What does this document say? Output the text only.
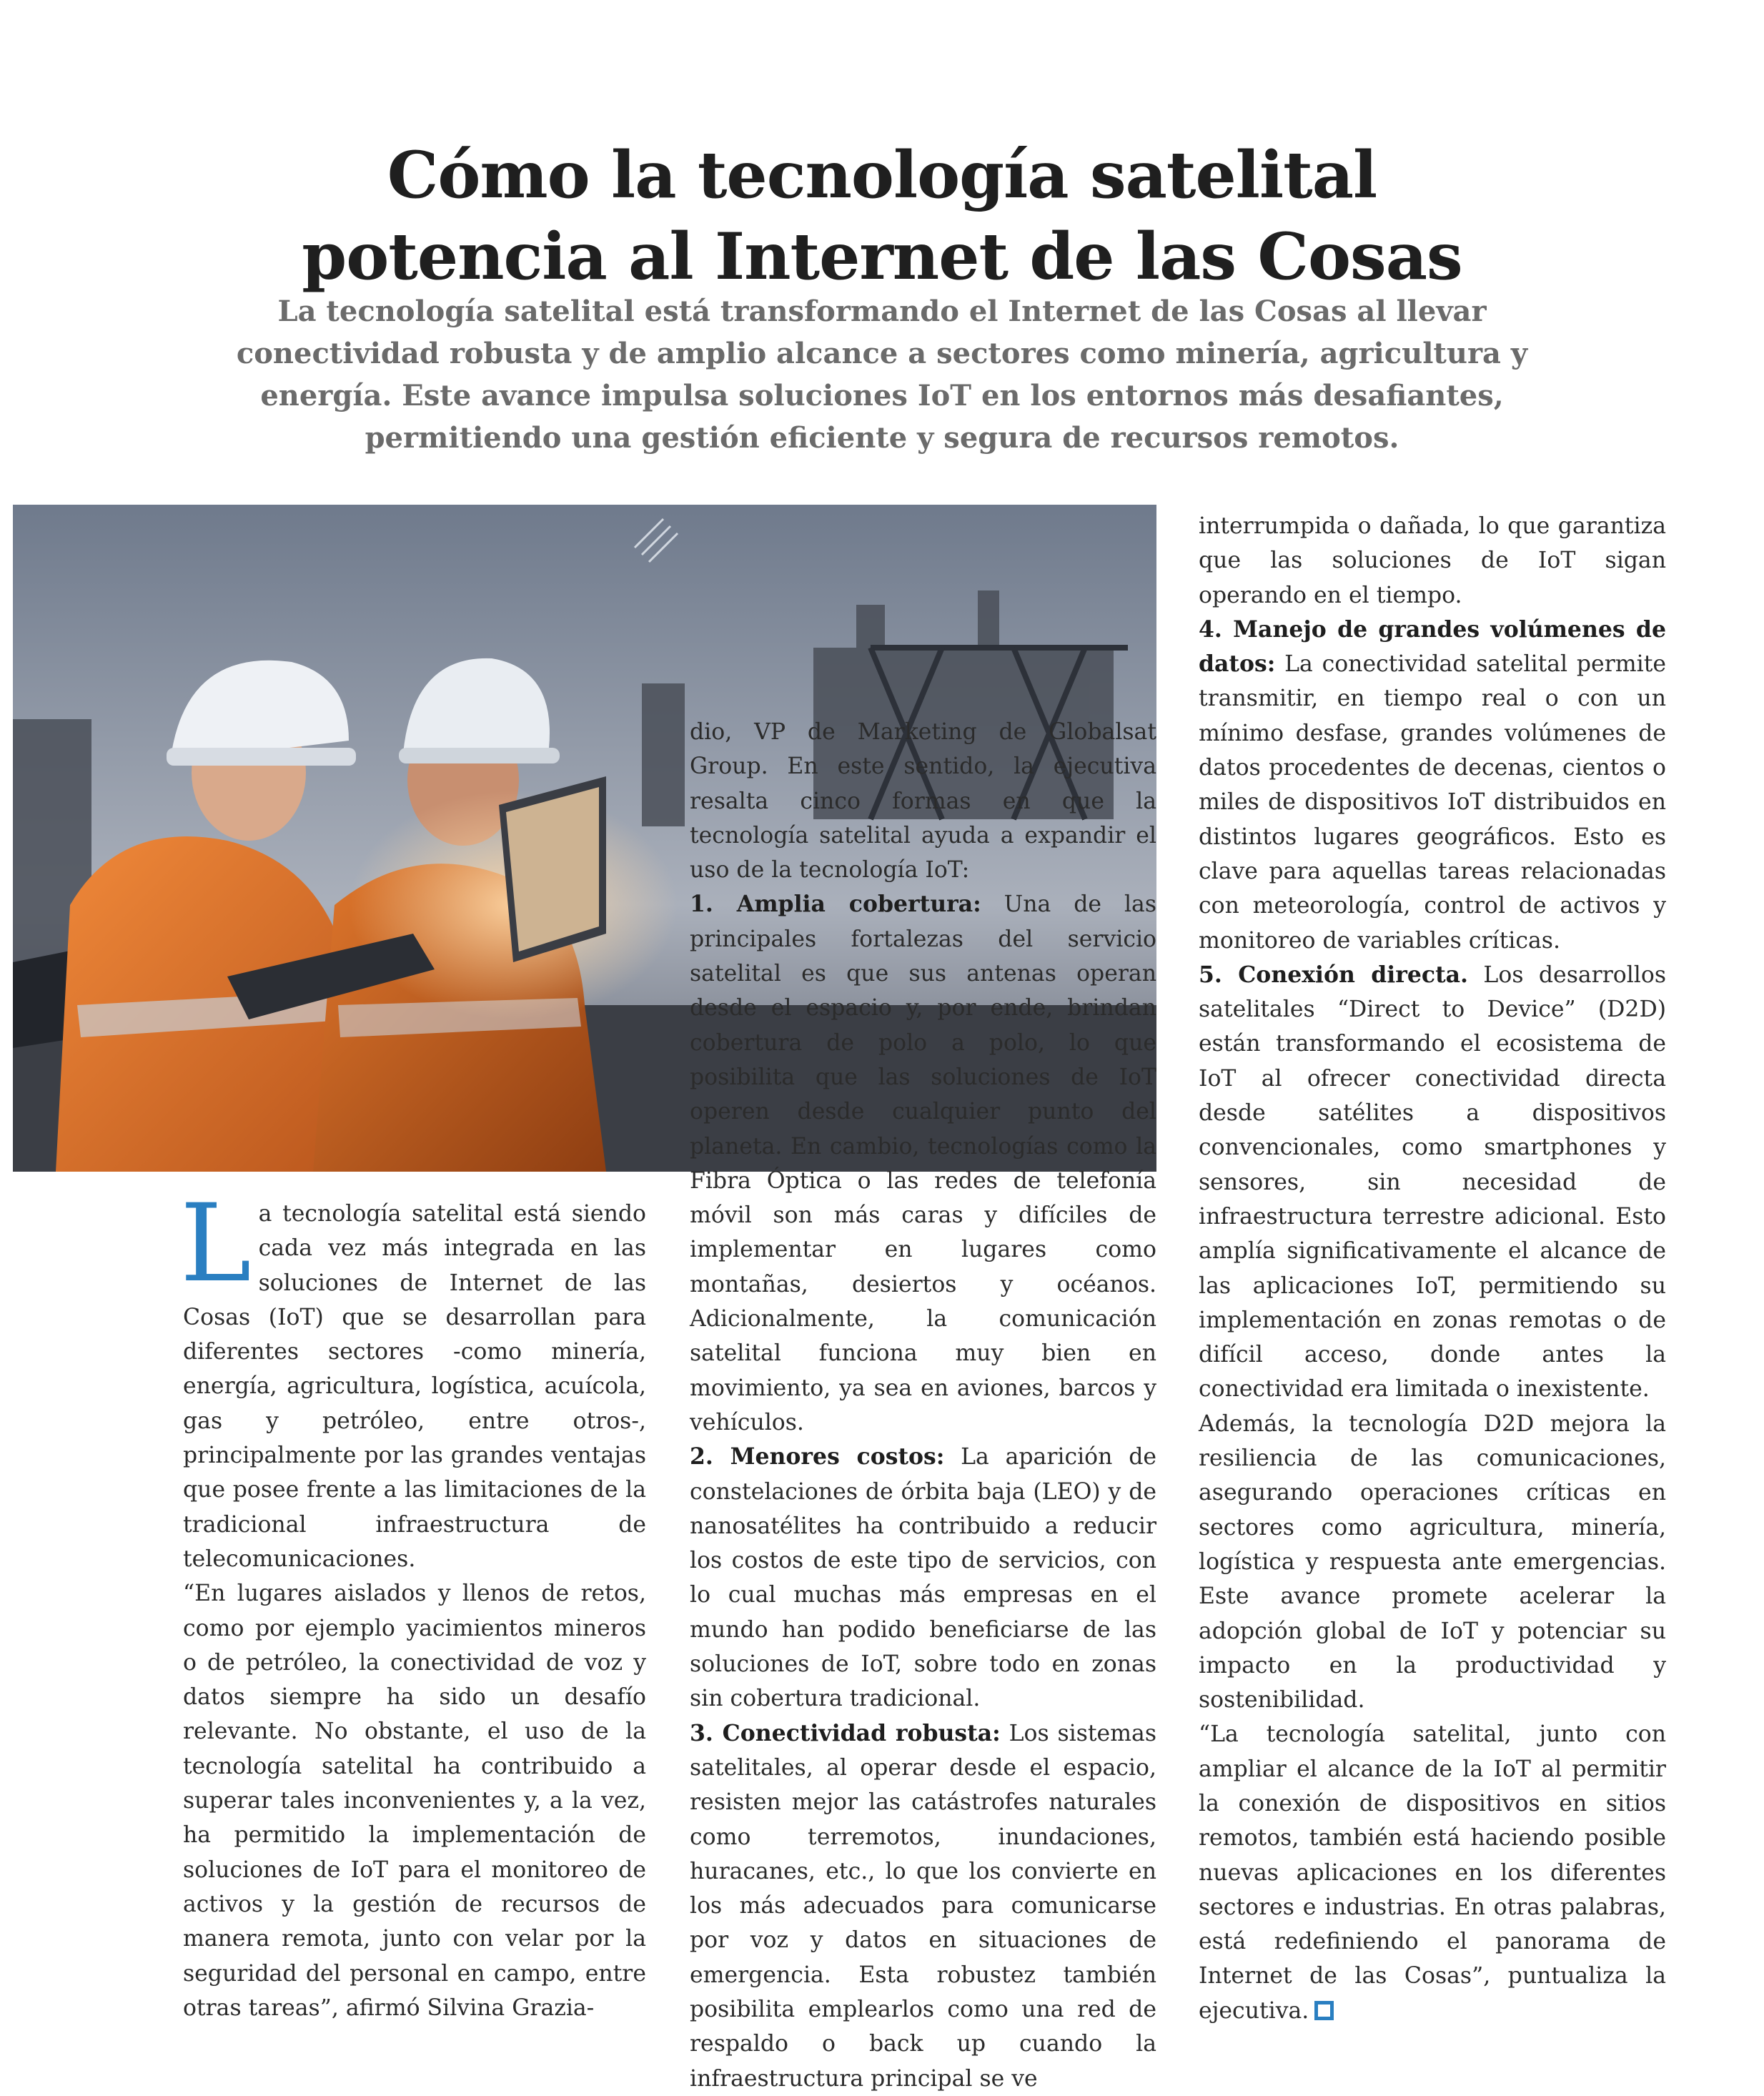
Cómo la tecnología satelital
potencia al Internet de las Cosas
La tecnología satelital está transformando el Internet de las Cosas al llevar conectividad robusta y de amplio alcance a sectores como minería, agricultura y energía. Este avance impulsa soluciones IoT en los entornos más desafiantes, permitiendo una gestión eficiente y segura de recursos remotos.

La tecnología satelital está siendo cada vez más integrada en las soluciones de Internet de las Cosas (IoT) que se desarrollan para diferentes sectores -como minería, energía, agricultura, logística, acuícola, gas y petróleo, entre otros-, principalmente por las grandes ventajas que posee frente a las limitaciones de la tradicional infraestructura de telecomunicaciones.

“En lugares aislados y llenos de retos, como por ejemplo yacimientos mineros o de petróleo, la conectividad de voz y datos siempre ha sido un desafío relevante. No obstante, el uso de la tecnología satelital ha contribuido a superar tales inconvenientes y, a la vez, ha permitido la implementación de soluciones de IoT para el monitoreo de activos y la gestión de recursos de manera remota, junto con velar por la seguridad del personal en campo, entre otras tareas”, afirmó Silvina Grazia-

dio, VP de Marketing de Globalsat Group. En este sentido, la ejecutiva resalta cinco formas en que la tecnología satelital ayuda a expandir el uso de la tecnología IoT:

1. Amplia cobertura: Una de las principales fortalezas del servicio satelital es que sus antenas operan desde el espacio y, por ende, brindan cobertura de polo a polo, lo que posibilita que las soluciones de IoT operen desde cualquier punto del planeta. En cambio, tecnologías como la Fibra Óptica o las redes de telefonía móvil son más caras y difíciles de implementar en lugares como montañas, desiertos y océanos. Adicionalmente, la comunicación satelital funciona muy bien en movimiento, ya sea en aviones, barcos y vehículos.

2. Menores costos: La aparición de constelaciones de órbita baja (LEO) y de nanosatélites ha contribuido a reducir los costos de este tipo de servicios, con lo cual muchas más empresas en el mundo han podido beneficiarse de las soluciones de IoT, sobre todo en zonas sin cobertura tradicional.

3. Conectividad robusta: Los sistemas satelitales, al operar desde el espacio, resisten mejor las catástrofes naturales como terremotos, inundaciones, huracanes, etc., lo que los convierte en los más adecuados para comunicarse por voz y datos en situaciones de emergencia. Esta robustez también posibilita emplearlos como una red de respaldo o back up cuando la infraestructura principal se ve

interrumpida o dañada, lo que garantiza que las soluciones de IoT sigan operando en el tiempo.

4. Manejo de grandes volúmenes de datos: La conectividad satelital permite transmitir, en tiempo real o con un mínimo desfase, grandes volúmenes de datos procedentes de decenas, cientos o miles de dispositivos IoT distribuidos en distintos lugares geográficos. Esto es clave para aquellas tareas relacionadas con meteorología, control de activos y monitoreo de variables críticas.

5. Conexión directa. Los desarrollos satelitales “Direct to Device” (D2D) están transformando el ecosistema de IoT al ofrecer conectividad directa desde satélites a dispositivos convencionales, como smartphones y sensores, sin necesidad de infraestructura terrestre adicional. Esto amplía significativamente el alcance de las aplicaciones IoT, permitiendo su implementación en zonas remotas o de difícil acceso, donde antes la conectividad era limitada o inexistente.

Además, la tecnología D2D mejora la resiliencia de las comunicaciones, asegurando operaciones críticas en sectores como agricultura, minería, logística y respuesta ante emergencias. Este avance promete acelerar la adopción global de IoT y potenciar su impacto en la productividad y sostenibilidad.

“La tecnología satelital, junto con ampliar el alcance de la IoT al permitir la conexión de dispositivos en sitios remotos, también está haciendo posible nuevas aplicaciones en los diferentes sectores e industrias. En otras palabras, está redefiniendo el panorama de Internet de las Cosas”, puntualiza la ejecutiva.
